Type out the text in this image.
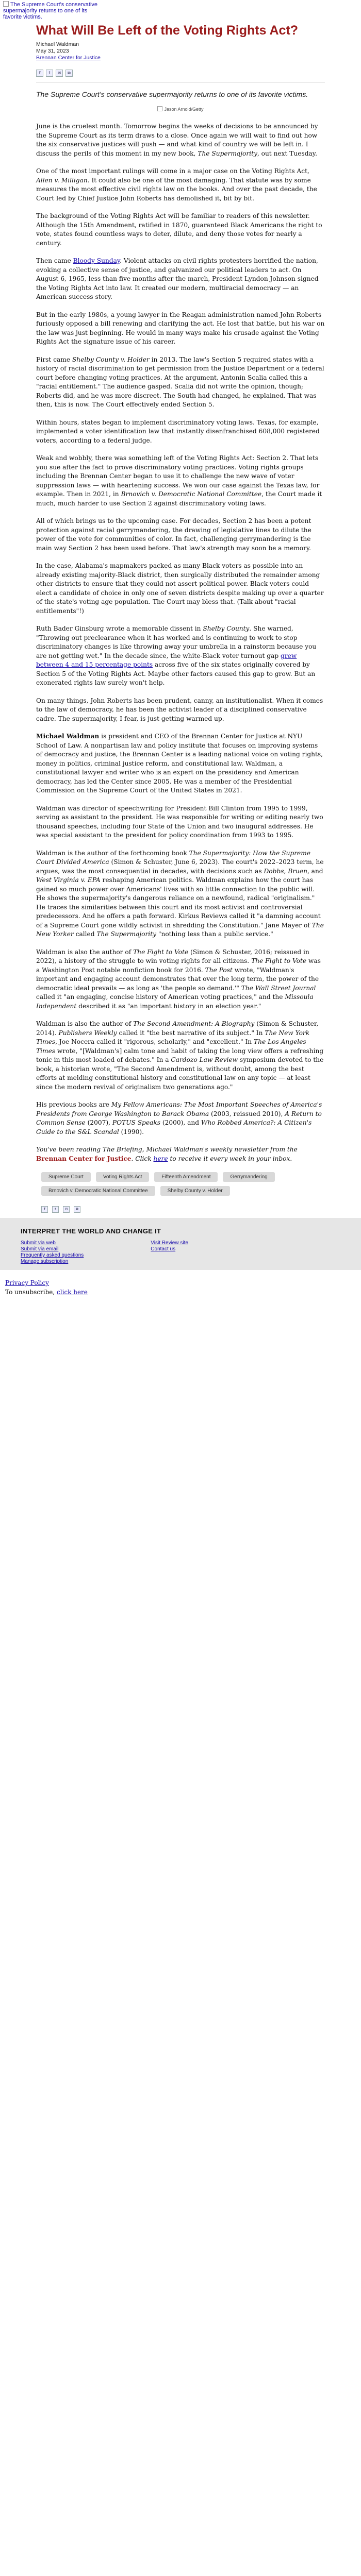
The Supreme Court's conservative supermajority returns to one of its favorite victims.
What Will Be Left of the Voting Rights Act?
Michael Waldman
May 31, 2023
Brennan Center for Justice
f	t	✉	⧉
The Supreme Court's conservative supermajority returns to one of its favorite victims.
Jason Arnold/Getty

June is the cruelest month. Tomorrow begins the weeks of decisions to be announced by the Supreme Court as its term draws to a close. Once again we will wait to find out how the six conservative justices will push — and what kind of country we will be left in. I discuss the perils of this moment in my new book, The Supermajority, out next Tuesday.

One of the most important rulings will come in a major case on the Voting Rights Act, Allen v. Milligan. It could also be one of the most damaging. That statute was by some measures the most effective civil rights law on the books. And over the past decade, the Court led by Chief Justice John Roberts has demolished it, bit by bit.

The background of the Voting Rights Act will be familiar to readers of this newsletter. Although the 15th Amendment, ratified in 1870, guaranteed Black Americans the right to vote, states found countless ways to deter, dilute, and deny those votes for nearly a century.

Then came Bloody Sunday. Violent attacks on civil rights protesters horrified the nation, evoking a collective sense of justice, and galvanized our political leaders to act. On August 6, 1965, less than five months after the march, President Lyndon Johnson signed the Voting Rights Act into law. It created our modern, multiracial democracy — an American success story.

But in the early 1980s, a young lawyer in the Reagan administration named John Roberts furiously opposed a bill renewing and clarifying the act. He lost that battle, but his war on the law was just beginning. He would in many ways make his crusade against the Voting Rights Act the signature issue of his career.

First came Shelby County v. Holder in 2013. The law's Section 5 required states with a history of racial discrimination to get permission from the Justice Department or a federal court before changing voting practices. At the argument, Antonin Scalia called this a "racial entitlement." The audience gasped. Scalia did not write the opinion, though; Roberts did, and he was more discreet. The South had changed, he explained. That was then, this is now. The Court effectively ended Section 5.

Within hours, states began to implement discriminatory voting laws. Texas, for example, implemented a voter identification law that instantly disenfranchised 608,000 registered voters, according to a federal judge.

Weak and wobbly, there was something left of the Voting Rights Act: Section 2. That lets you sue after the fact to prove discriminatory voting practices. Voting rights groups including the Brennan Center began to use it to challenge the new wave of voter suppression laws — with heartening success. We won our case against the Texas law, for example. Then in 2021, in Brnovich v. Democratic National Committee, the Court made it much, much harder to use Section 2 against discriminatory voting laws.

All of which brings us to the upcoming case. For decades, Section 2 has been a potent protection against racial gerrymandering, the drawing of legislative lines to dilute the power of the vote for communities of color. In fact, challenging gerrymandering is the main way Section 2 has been used before. That law's strength may soon be a memory.

In the case, Alabama's mapmakers packed as many Black voters as possible into an already existing majority-Black district, then surgically distributed the remainder among other districts to ensure that they could not assert political power. Black voters could elect a candidate of choice in only one of seven districts despite making up over a quarter of the state's voting age population. The Court may bless that. (Talk about "racial entitlements"!)

Ruth Bader Ginsburg wrote a memorable dissent in Shelby County. She warned, "Throwing out preclearance when it has worked and is continuing to work to stop discriminatory changes is like throwing away your umbrella in a rainstorm because you are not getting wet." In the decade since, the white-Black voter turnout gap grew between 4 and 15 percentage points across five of the six states originally covered by Section 5 of the Voting Rights Act. Maybe other factors caused this gap to grow. But an exonerated rights law surely won't help.

On many things, John Roberts has been prudent, canny, an institutionalist. When it comes to the law of democracy, he has been the activist leader of a disciplined conservative cadre. The supermajority, I fear, is just getting warmed up.

Michael Waldman is president and CEO of the Brennan Center for Justice at NYU School of Law. A nonpartisan law and policy institute that focuses on improving systems of democracy and justice, the Brennan Center is a leading national voice on voting rights, money in politics, criminal justice reform, and constitutional law. Waldman, a constitutional lawyer and writer who is an expert on the presidency and American democracy, has led the Center since 2005. He was a member of the Presidential Commission on the Supreme Court of the United States in 2021.

Waldman was director of speechwriting for President Bill Clinton from 1995 to 1999, serving as assistant to the president. He was responsible for writing or editing nearly two thousand speeches, including four State of the Union and two inaugural addresses. He was special assistant to the president for policy coordination from 1993 to 1995.

Waldman is the author of the forthcoming book The Supermajority: How the Supreme Court Divided America (Simon & Schuster, June 6, 2023). The court's 2022–2023 term, he argues, was the most consequential in decades, with decisions such as Dobbs, Bruen, and West Virginia v. EPA reshaping American politics. Waldman explains how the court has gained so much power over Americans' lives with so little connection to the public will. He shows the supermajority's dangerous reliance on a newfound, radical "originalism." He traces the similarities between this court and its most activist and controversial predecessors. And he offers a path forward. Kirkus Reviews called it "a damning account of a Supreme Court gone wildly activist in shredding the Constitution." Jane Mayer of The New Yorker called The Supermajority "nothing less than a public service."

Waldman is also the author of The Fight to Vote (Simon & Schuster, 2016; reissued in 2022), a history of the struggle to win voting rights for all citizens. The Fight to Vote was a Washington Post notable nonfiction book for 2016. The Post wrote, "Waldman's important and engaging account demonstrates that over the long term, the power of the democratic ideal prevails — as long as 'the people so demand.'" The Wall Street Journal called it "an engaging, concise history of American voting practices," and the Missoula Independent described it as "an important history in an election year."

Waldman is also the author of The Second Amendment: A Biography (Simon & Schuster, 2014). Publishers Weekly called it "the best narrative of its subject." In The New York Times, Joe Nocera called it "rigorous, scholarly," and "excellent." In The Los Angeles Times wrote, "[Waldman's] calm tone and habit of taking the long view offers a refreshing tonic in this most loaded of debates." In a Cardozo Law Review symposium devoted to the book, a historian wrote, "The Second Amendment is, without doubt, among the best efforts at melding constitutional history and constitutional law on any topic — at least since the modern revival of originalism two generations ago."

His previous books are My Fellow Americans: The Most Important Speeches of America's Presidents from George Washington to Barack Obama (2003, reissued 2010), A Return to Common Sense (2007), POTUS Speaks (2000), and Who Robbed America?: A Citizen's Guide to the S&L Scandal (1990).

You've been reading The Briefing, Michael Waldman's weekly newsletter from the Brennan Center for Justice. Click here to receive it every week in your inbox.

Supreme Court	Voting Rights Act	Fifteenth Amendment	Gerrymandering
Brnovich v. Democratic National Committee	Shelby County v. Holder
f	t	✉	⧉
INTERPRET THE WORLD AND CHANGE IT
Submit via web
Submit via email
Frequently asked questions
Manage subscription
Visit Review site
Contact us
Privacy Policy
To unsubscribe, click here
